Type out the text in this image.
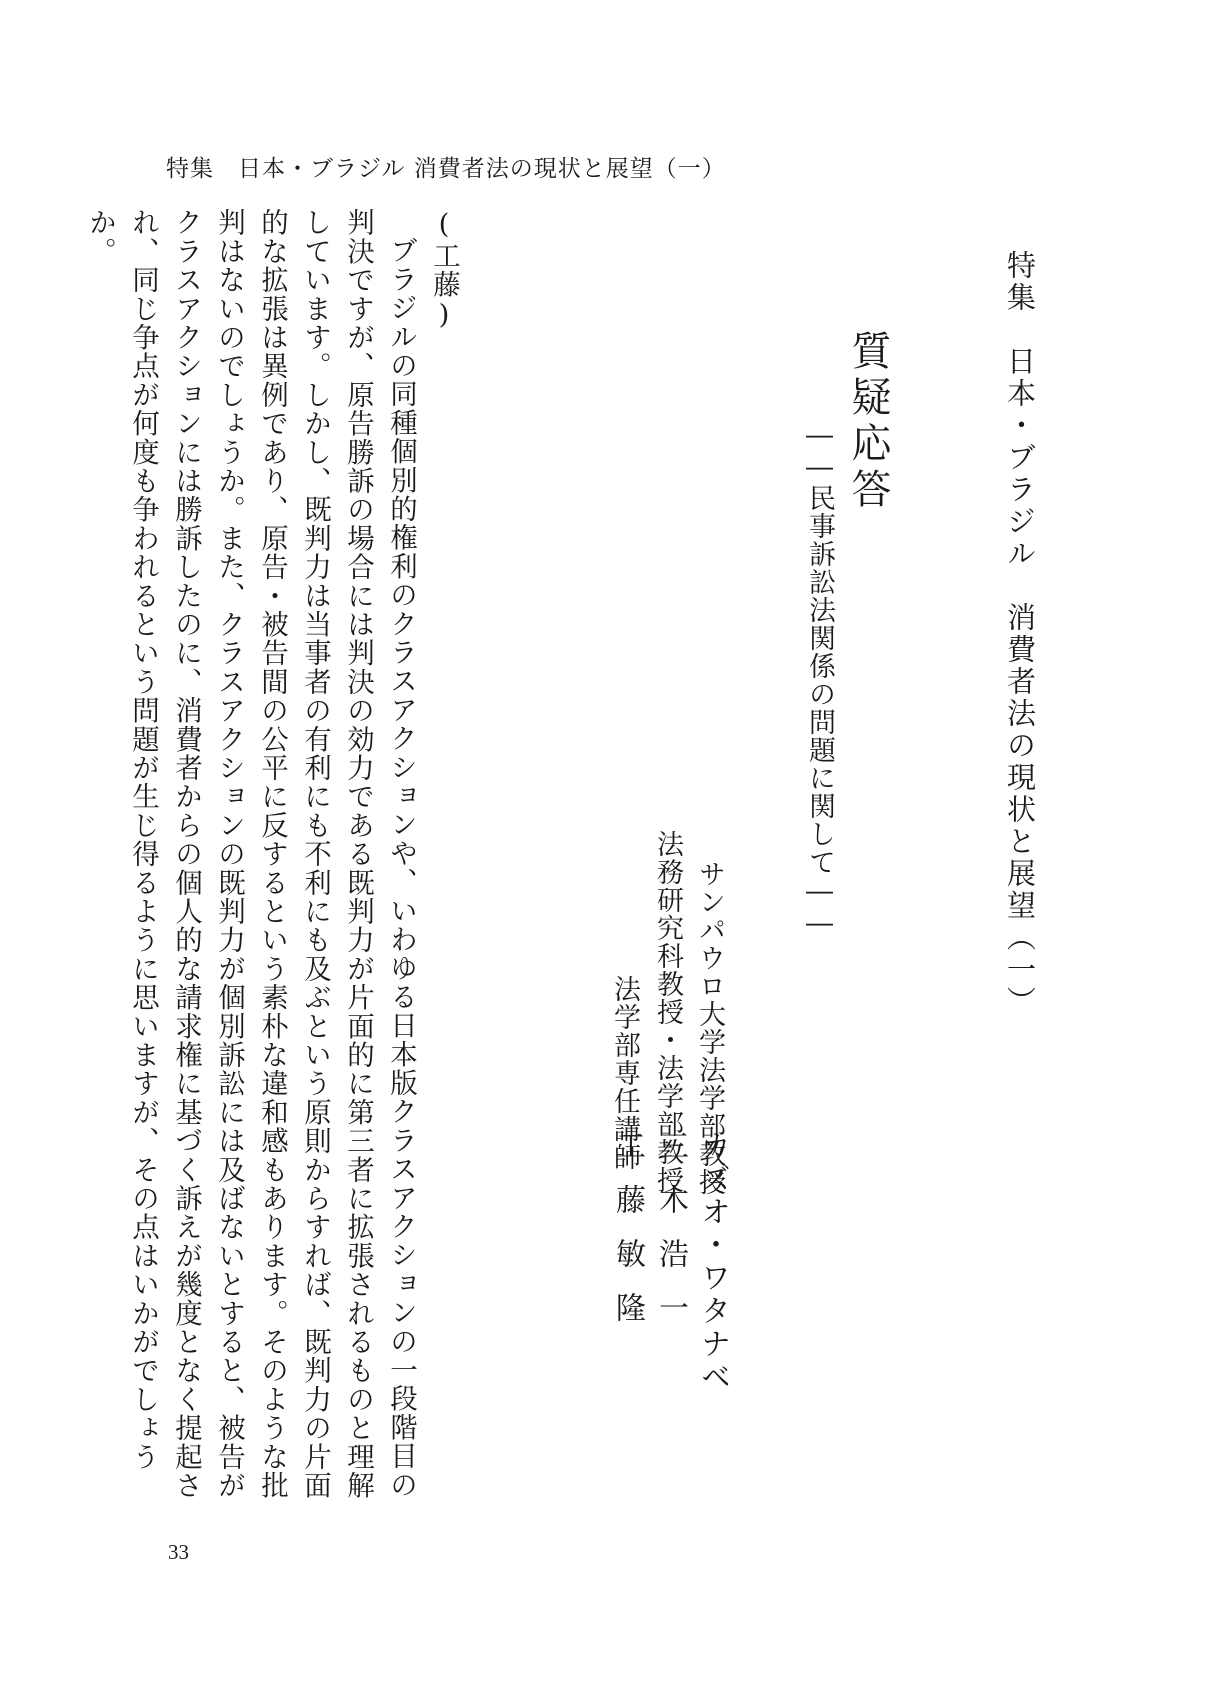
特集　日本・ブラジル 消費者法の現状と展望（一）
特集　日本・ブラジル　消費者法の現状と展望（一）
質疑応答
――民事訴訟法関係の問題に関して――
サンパウロ大学法学部教授
カズオ・ワタナベ
法務研究科教授・法学部教授
三木浩一
法学部専任講師
工藤敏隆
(工藤)
ブラジルの同種個別的権利のクラスアクションや、いわゆる日本版クラスアクションの一段階目の判決ですが、原告勝訴の場合には判決の効力である既判力が片面的に第三者に拡張されるものと理解しています。しかし、既判力は当事者の有利にも不利にも及ぶという原則からすれば、既判力の片面的な拡張は異例であり、原告・被告間の公平に反するという素朴な違和感もあります。そのような批判はないのでしょうか。また、クラスアクションの既判力が個別訴訟には及ばないとすると、被告がクラスアクションには勝訴したのに、消費者からの個人的な請求権に基づく訴えが幾度となく提起され、同じ争点が何度も争われるという問題が生じ得るように思いますが、その点はいかがでしょうか。
33
